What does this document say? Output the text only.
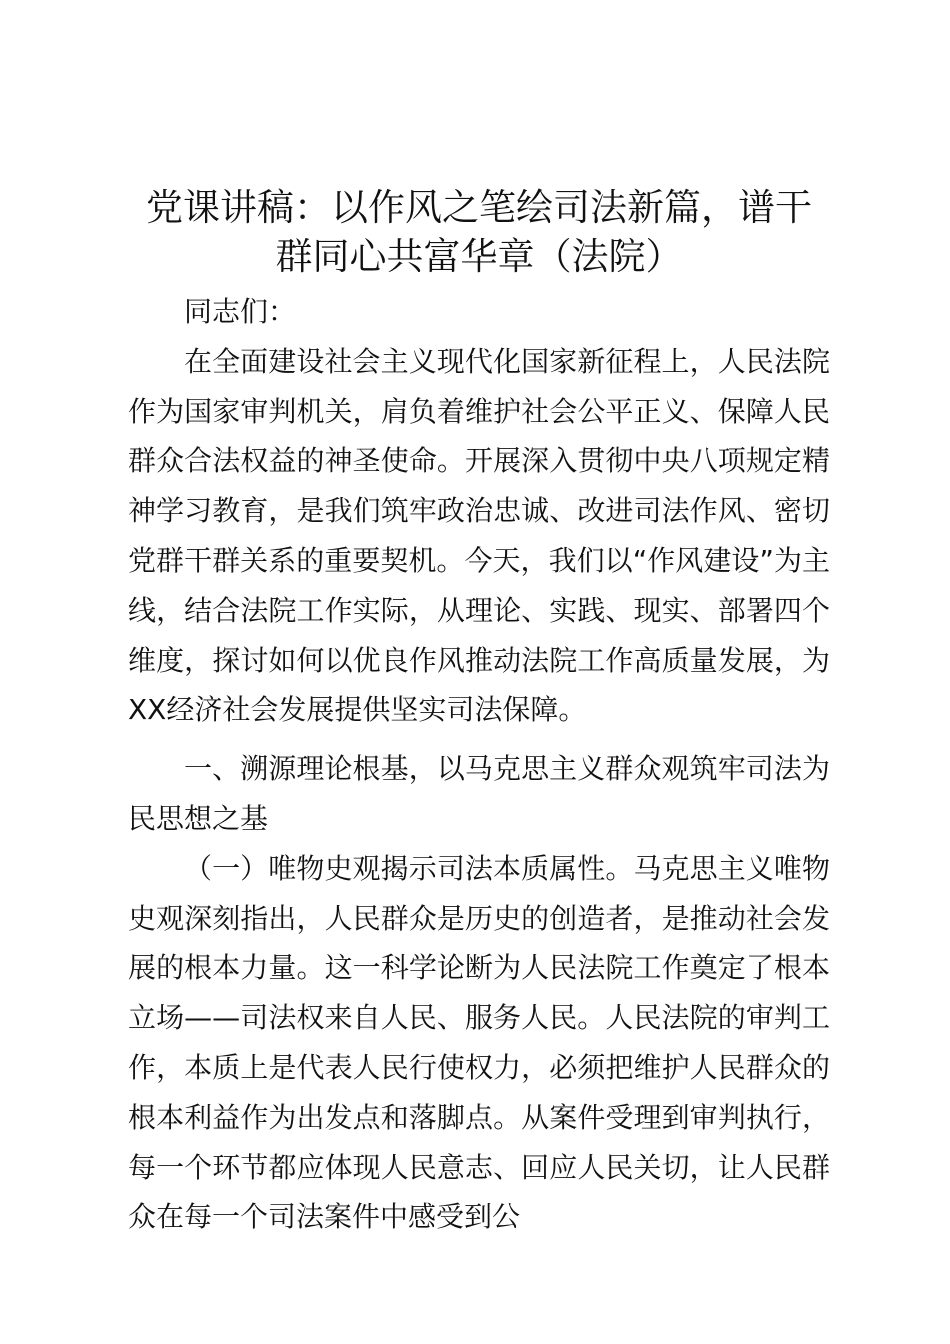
党课讲稿：以作风之笔绘司法新篇，谱干群同心共富华章（法院）

同志们：

在全面建设社会主义现代化国家新征程上，人民法院作为国家审判机关，肩负着维护社会公平正义、保障人民群众合法权益的神圣使命。开展深入贯彻中央八项规定精神学习教育，是我们筑牢政治忠诚、改进司法作风、密切党群干群关系的重要契机。今天，我们以“作风建设”为主线，结合法院工作实际，从理论、实践、现实、部署四个维度，探讨如何以优良作风推动法院工作高质量发展，为XX经济社会发展提供坚实司法保障。

一、溯源理论根基，以马克思主义群众观筑牢司法为民思想之基

（一）唯物史观揭示司法本质属性。马克思主义唯物史观深刻指出，人民群众是历史的创造者，是推动社会发展的根本力量。这一科学论断为人民法院工作奠定了根本立场——司法权来自人民、服务人民。人民法院的审判工作，本质上是代表人民行使权力，必须把维护人民群众的根本利益作为出发点和落脚点。从案件受理到审判执行，每一个环节都应体现人民意志、回应人民关切，让人民群众在每一个司法案件中感受到公
